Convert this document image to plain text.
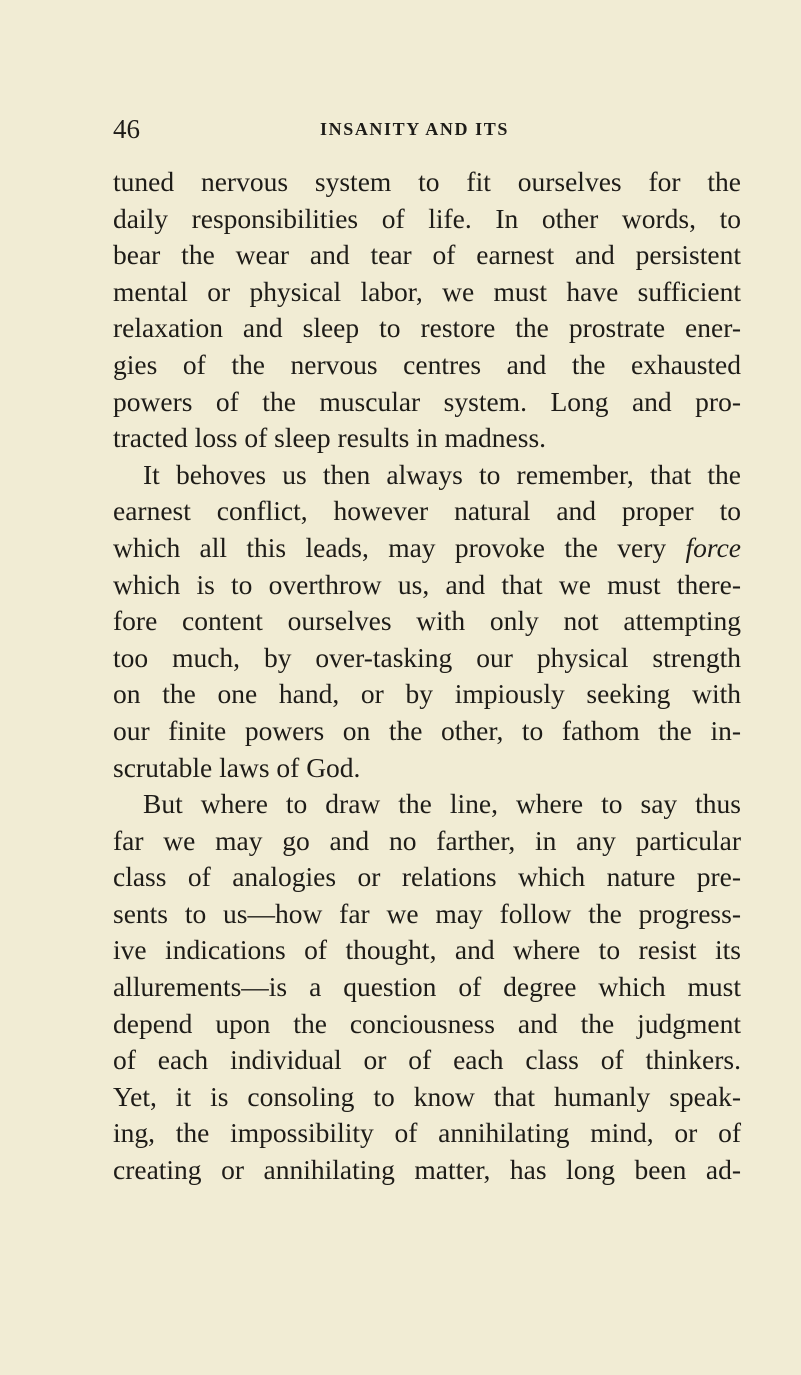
46	INSANITY AND ITS
tuned nervous system to fit ourselves for the
daily responsibilities of life. In other words, to
bear the wear and tear of earnest and persistent
mental or physical labor, we must have sufficient
relaxation and sleep to restore the prostrate ener-
gies of the nervous centres and the exhausted
powers of the muscular system. Long and pro-
tracted loss of sleep results in madness.
It behoves us then always to remember, that the
earnest conflict, however natural and proper to
which all this leads, may provoke the very force
which is to overthrow us, and that we must there-
fore content ourselves with only not attempting
too much, by over-tasking our physical strength
on the one hand, or by impiously seeking with
our finite powers on the other, to fathom the in-
scrutable laws of God.
But where to draw the line, where to say thus
far we may go and no farther, in any particular
class of analogies or relations which nature pre-
sents to us—how far we may follow the progress-
ive indications of thought, and where to resist its
allurements—is a question of degree which must
depend upon the conciousness and the judgment
of each individual or of each class of thinkers.
Yet, it is consoling to know that humanly speak-
ing, the impossibility of annihilating mind, or of
creating or annihilating matter, has long been ad-
